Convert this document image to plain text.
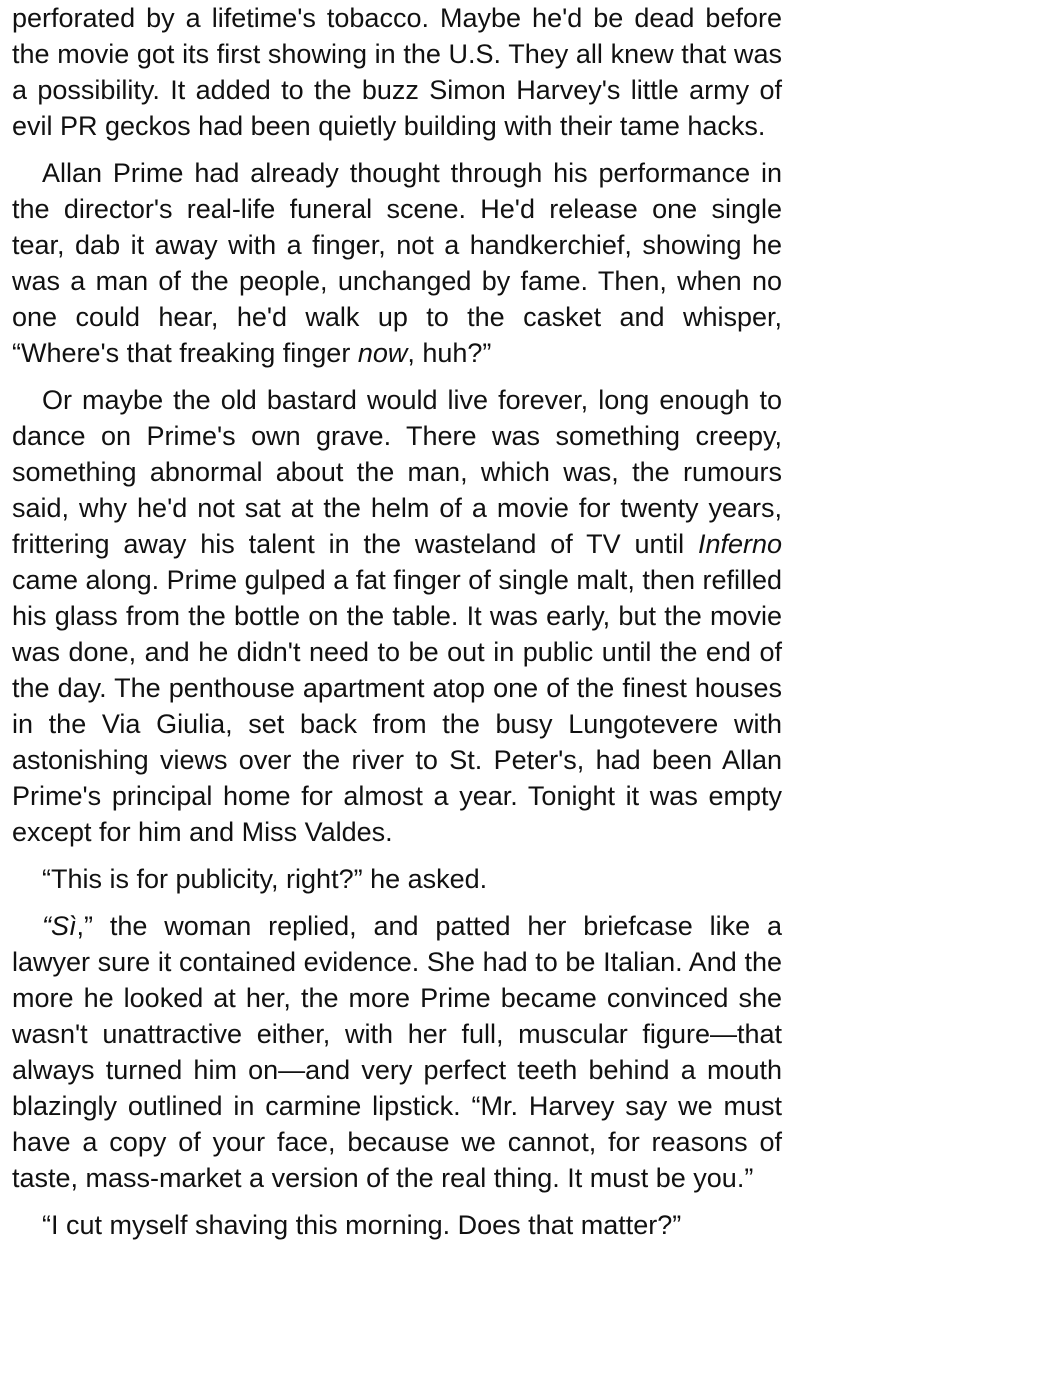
perforated by a lifetime's tobacco. Maybe he'd be dead before the movie got its first showing in the U.S. They all knew that was a possibility. It added to the buzz Simon Harvey's little army of evil PR geckos had been quietly building with their tame hacks.

Allan Prime had already thought through his performance in the director's real-life funeral scene. He'd release one single tear, dab it away with a finger, not a handkerchief, showing he was a man of the people, unchanged by fame. Then, when no one could hear, he'd walk up to the casket and whisper, “Where's that freaking finger now, huh?”

Or maybe the old bastard would live forever, long enough to dance on Prime's own grave. There was something creepy, something abnormal about the man, which was, the rumours said, why he'd not sat at the helm of a movie for twenty years, frittering away his talent in the wasteland of TV until Inferno came along. Prime gulped a fat finger of single malt, then refilled his glass from the bottle on the table. It was early, but the movie was done, and he didn't need to be out in public until the end of the day. The penthouse apartment atop one of the finest houses in the Via Giulia, set back from the busy Lungotevere with astonishing views over the river to St. Peter's, had been Allan Prime's principal home for almost a year. Tonight it was empty except for him and Miss Valdes.

“This is for publicity, right?” he asked.

“Sì,” the woman replied, and patted her briefcase like a lawyer sure it contained evidence. She had to be Italian. And the more he looked at her, the more Prime became convinced she wasn't unattractive either, with her full, muscular figure—that always turned him on—and very perfect teeth behind a mouth blazingly outlined in carmine lipstick. “Mr. Harvey say we must have a copy of your face, because we cannot, for reasons of taste, mass-market a version of the real thing. It must be you.”

“I cut myself shaving this morning. Does that matter?”
